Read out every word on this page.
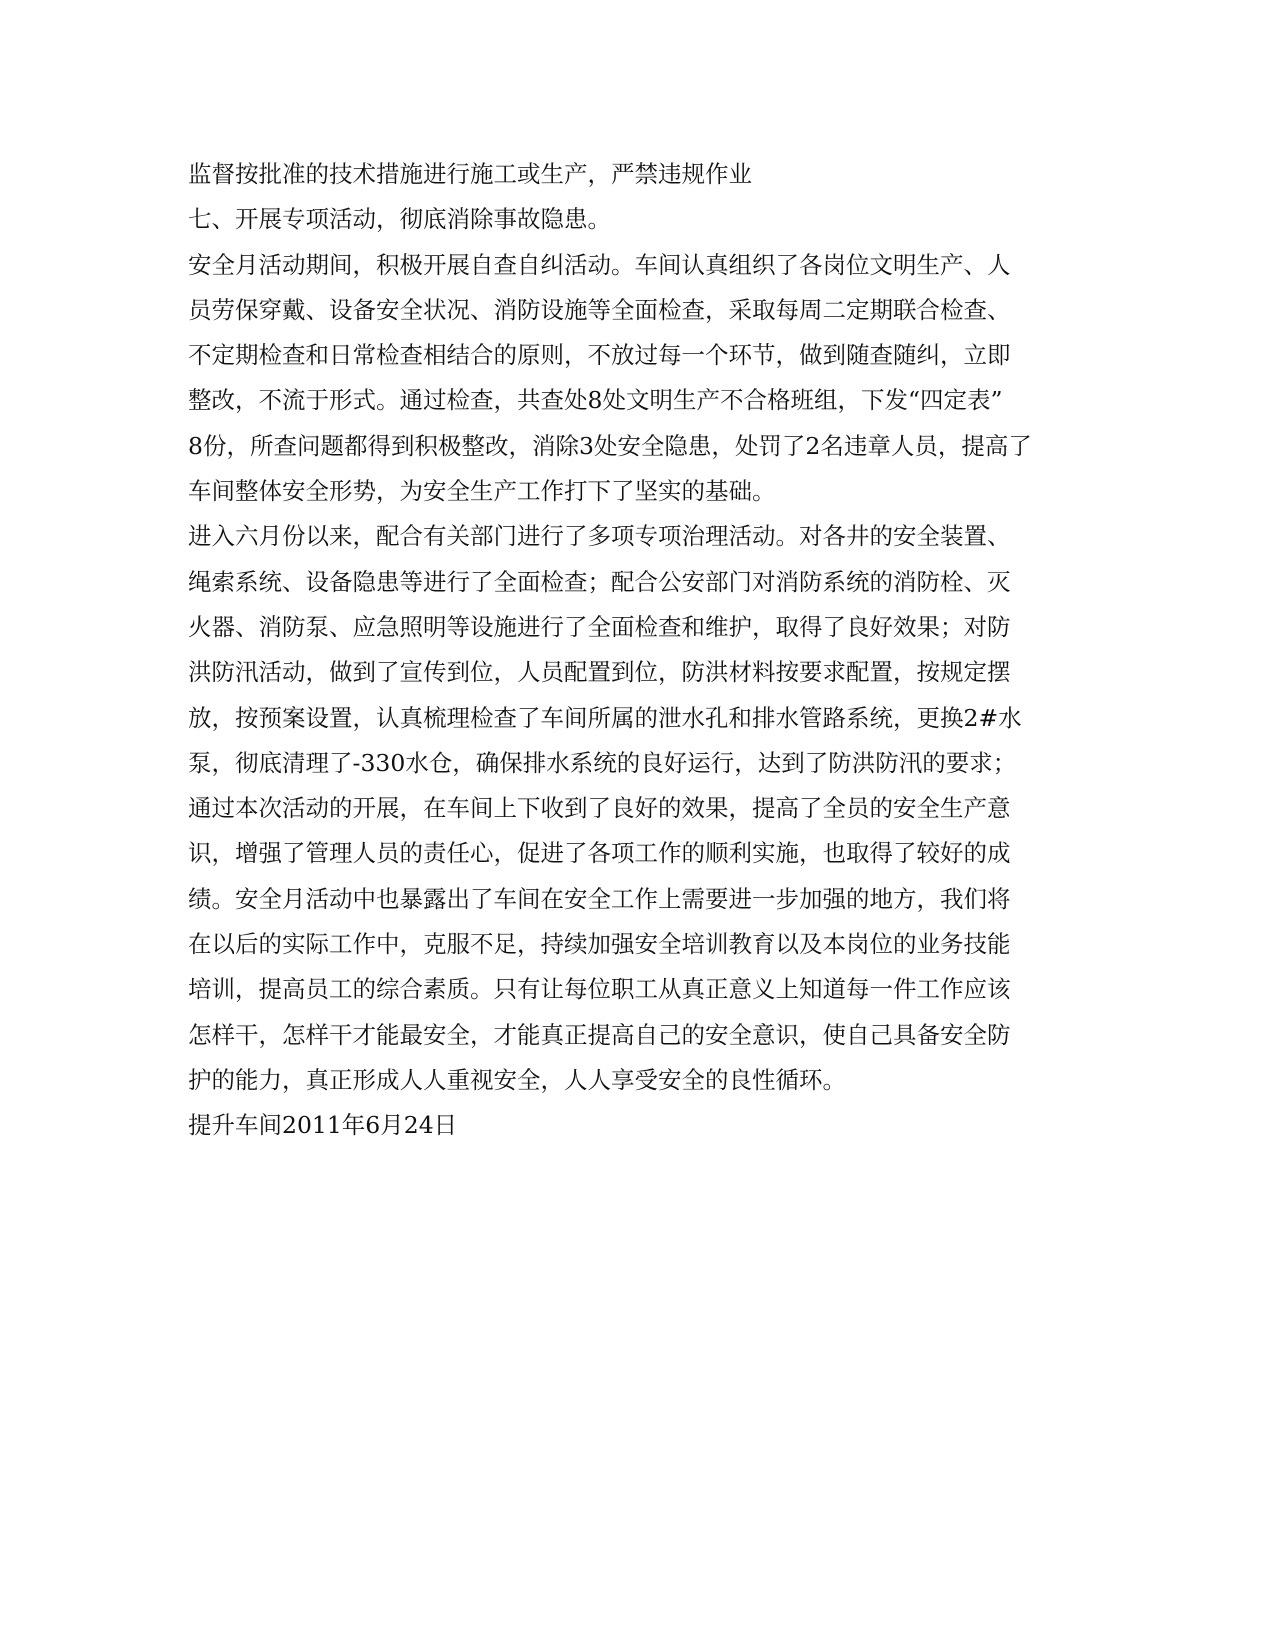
监督按批准的技术措施进行施工或生产，严禁违规作业

七、开展专项活动，彻底消除事故隐患。

安全月活动期间，积极开展自查自纠活动。车间认真组织了各岗位文明生产、人
员劳保穿戴、设备安全状况、消防设施等全面检查，采取每周二定期联合检查、
不定期检查和日常检查相结合的原则，不放过每一个环节，做到随查随纠，立即
整改，不流于形式。通过检查，共查处8处文明生产不合格班组，下发“四定表”
8份，所查问题都得到积极整改，消除3处安全隐患，处罚了2名违章人员，提高了
车间整体安全形势，为安全生产工作打下了坚实的基础。

进入六月份以来，配合有关部门进行了多项专项治理活动。对各井的安全装置、
绳索系统、设备隐患等进行了全面检查；配合公安部门对消防系统的消防栓、灭
火器、消防泵、应急照明等设施进行了全面检查和维护，取得了良好效果；对防
洪防汛活动，做到了宣传到位，人员配置到位，防洪材料按要求配置，按规定摆
放，按预案设置，认真梳理检查了车间所属的泄水孔和排水管路系统，更换2#水
泵，彻底清理了-330水仓，确保排水系统的良好运行，达到了防洪防汛的要求；
通过本次活动的开展，在车间上下收到了良好的效果，提高了全员的安全生产意
识，增强了管理人员的责任心，促进了各项工作的顺利实施，也取得了较好的成
绩。安全月活动中也暴露出了车间在安全工作上需要进一步加强的地方，我们将
在以后的实际工作中，克服不足，持续加强安全培训教育以及本岗位的业务技能
培训，提高员工的综合素质。只有让每位职工从真正意义上知道每一件工作应该
怎样干，怎样干才能最安全，才能真正提高自己的安全意识，使自己具备安全防
护的能力，真正形成人人重视安全，人人享受安全的良性循环。

提升车间2011年6月24日
